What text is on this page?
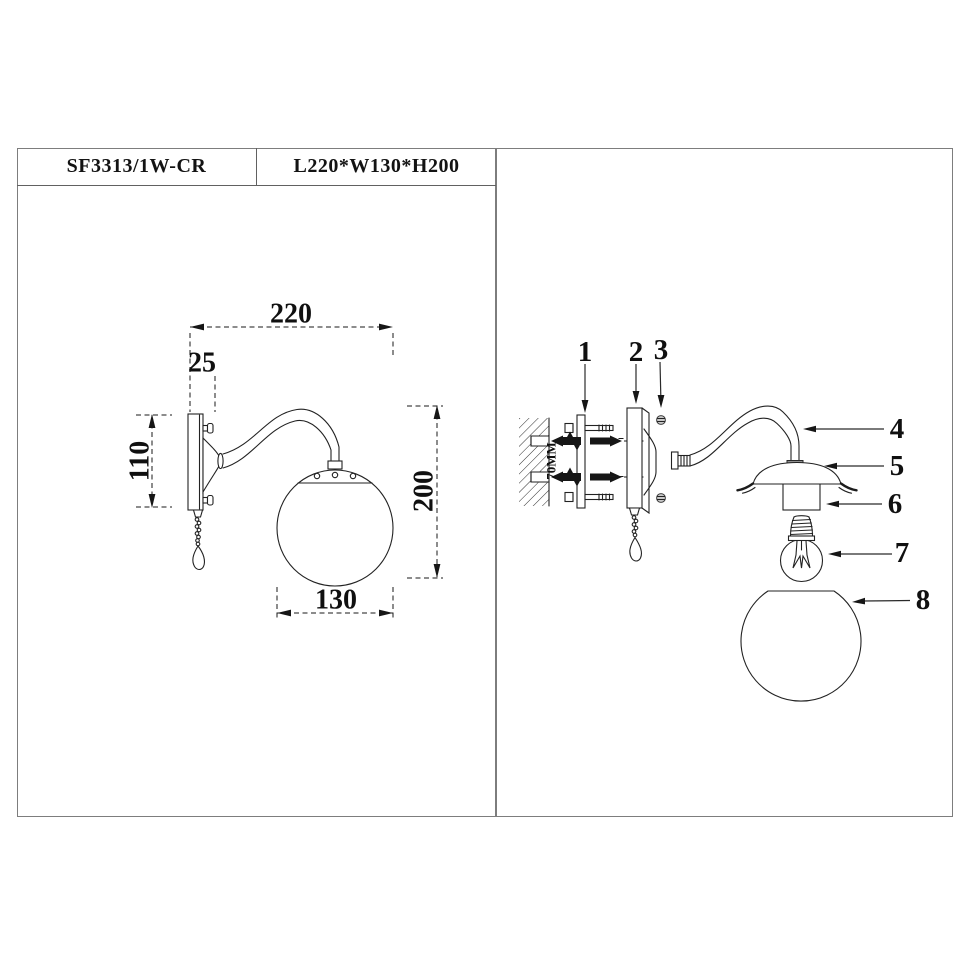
SF3313/1W-CR	L220*W130*H200
220
25
110
200
130
70MM
1 2 3
4
5
6
7
8
